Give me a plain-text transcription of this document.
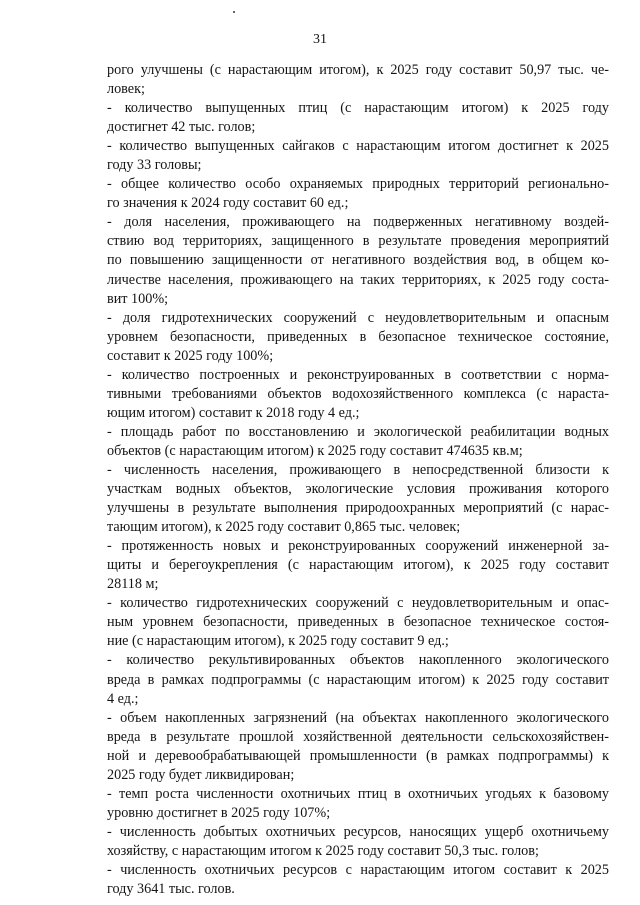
31
рого улучшены (с нарастающим итогом), к 2025 году составит 50,97 тыс. че-
ловек;
- количество выпущенных птиц (с нарастающим итогом) к 2025 году
достигнет 42 тыс. голов;
- количество выпущенных сайгаков с нарастающим итогом достигнет к 2025
году 33 головы;
- общее количество особо охраняемых природных территорий регионально-
го значения к 2024 году составит 60 ед.;
- доля населения, проживающего на подверженных негативному воздей-
ствию вод территориях, защищенного в результате проведения мероприятий
по повышению защищенности от негативного воздействия вод, в общем ко-
личестве населения, проживающего на таких территориях, к 2025 году соста-
вит 100%;
- доля гидротехнических сооружений с неудовлетворительным и опасным
уровнем безопасности, приведенных в безопасное техническое состояние,
составит к 2025 году 100%;
- количество построенных и реконструированных в соответствии с норма-
тивными требованиями объектов водохозяйственного комплекса (с нараста-
ющим итогом) составит к 2018 году 4 ед.;
- площадь работ по восстановлению и экологической реабилитации водных
объектов (с нарастающим итогом) к 2025 году составит 474635 кв.м;
- численность населения, проживающего в непосредственной близости к
участкам водных объектов, экологические условия проживания которого
улучшены в результате выполнения природоохранных мероприятий (с нарас-
тающим итогом), к 2025 году составит 0,865 тыс. человек;
- протяженность новых и реконструированных сооружений инженерной за-
щиты и берегоукрепления (с нарастающим итогом), к 2025 году составит
28118 м;
- количество гидротехнических сооружений с неудовлетворительным и опас-
ным уровнем безопасности, приведенных в безопасное техническое состоя-
ние (с нарастающим итогом), к 2025 году составит 9 ед.;
- количество рекультивированных объектов накопленного экологического
вреда в рамках подпрограммы (с нарастающим итогом) к 2025 году составит
4 ед.;
- объем накопленных загрязнений (на объектах накопленного экологического
вреда в результате прошлой хозяйственной деятельности сельскохозяйствен-
ной и деревообрабатывающей промышленности (в рамках подпрограммы) к
2025 году будет ликвидирован;
- темп роста численности охотничьих птиц в охотничьих угодьях к базовому
уровню достигнет в 2025 году 107%;
- численность добытых охотничьих ресурсов, наносящих ущерб охотничьему
хозяйству, с нарастающим итогом к 2025 году составит 50,3 тыс. голов;
- численность охотничьих ресурсов с нарастающим итогом составит к 2025
году 3641 тыс. голов.
